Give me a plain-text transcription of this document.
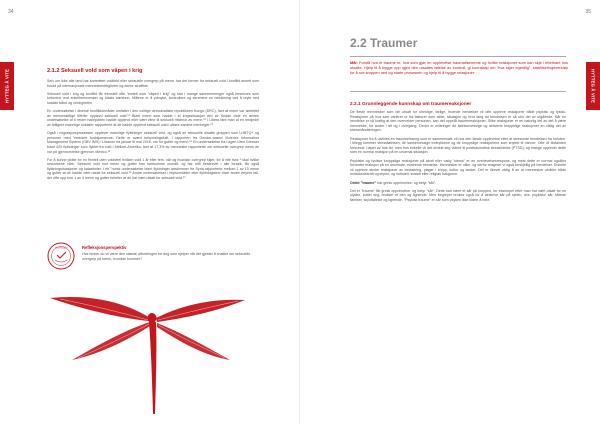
34
HYTTEG Å VITE	2.1.2 Seksuell vold som våpen i krig

Selv om ikke alle land har kommitert voldtekt eller seksuelle overgrep på menn, har det former for seksuell vold i konflikt ansett som brudd på internasjonale menneskerettigheter og dertor straffbar.

Seksuell vold i krig og konflikt får fremdelt ofte ”endelt som ”våpen i krig” og kan i mange sammenhenger også beskrives som torturene mot enkeltmennesket og lokale samfunn. Målene er å ydmyke, kontrollere og skremme en befolkning ved å bryte ned sosiale bånd og verdigheten.

En undersøkelse i diverse konfliktområder omfatter i den colltige demokratiske republikken Kongo (DRC), fant at menn var førrteltet av menneskelige tilfeller opplevd seksuell vold.¹¹ Blant menn som hadde i et krigssituasjon ved av Sudan viste en annen undersøkelse at ti reider haileparten hadde opplevd eller vært vitne til seksuell misbruk av menn.¹² I Libera fant man at en tredjedel av tidligere mannlige soldater rapporterte at de hadde opplevd seksuell vold i utføre samme menheger.¹³

Også i migrasjonsprosessen opplever mannlige flyktninger seksuell vold, og også de seksuelle utsatte gruppen som LHBTQ+ og personer med ”redusert funksjonsevne. Dette er svært bekymringsfullt. I rapporten fra Gender-based Violence Information Management System (GBV IMS) i Libanon fra januar til mai 2016, var for gutter og menn.¹⁴ En undersøkelse fra Legen Uten Grenser blant 429 flyktninger som flyktet fra vold i Mellom-Amerika, fant at 17,3% av menneske rapporterte om seksuelle overgrep mens de var på gjennomreise gjennom Mexico.¹⁵

For å kunne plotte for en finnlell uten voldsfrel hvilken vold 1 år eller fem, når og hvordan overgrep skjer, for å vite hvor ¹ skal hvilke ressursene våre. Seksuell vold mot menn og gutter kan forekomme overalt, og har blitt beskrevet i alle forsøk, får også flyktningsituasjoner og katastrofer. I en ”norsk undersøkelse blant flyktninger anslommer fra Syria rapporterte mellom 1 av 15 menn og gutter at de hadde vært utsatt for seksuell vold.¹⁶ Andre undersøkelser i reipsområder eller flyktningleirer viser andre treyere tall, der ofte opp mot 1 av 4 menn og gutter forteller at de har vært utsatt for seksuell vold.¹⁷

Til refleksjon	Refleksjonsperspektiv
Hva tenker du vil være den største utfordringen for deg som hjelper når det gjelder å snakke om seksuelle overgrep på menn, hvordan kommer?
35
HYTTEG Å VITE
2.2 Traumer
Mål: Forstå hva et traume er, hva som gjør en opplevelse traumatiserende og hvilke reaksjoner som kan skje i etterkant hos utsatte. Hjelp til å bygge opp igjen den utsattes følelse av kontroll, gi kunnskap om ”hva skjer egentlig”, stabiliseringsverktøy for å roe kroppen ned og starte prosessen og hjelp til å bygge relasjoner.
2.2.1 Grunnleggende kunnskap om traumereaksjoner

De fleste mennesker som blir utsatt for uheldige, farlige, truende hendelser vil ofte oppleve reaksjoner både psykisk og fysisk. Reaksjoner på hva som varierer ut fra faktorer som alder, situasjon og hvor lang tid hendelsen er så stor del av utgående. Når en hendelse er så kraftig at den overvelder personen, kan det oppstå traumereaksjoner. Slike reaksjoner er en naturlig del av det å være menneske, for andre i alt og i overgang. Derfor er erfaringer de følelsemessige og aktiverte kroppslige reaksjoner en viktig del av stresshåndteringen.

Reaksjoner fra å utvikles en traumeerfaring som er sammensatt, vil hos den første opplevelse etter at stressede hendelsen fra fortiden. I tillegg kommer stressfølelsen, de sansemessige inntrykkene og de kroppslige reaksjonene som knyttet til minner. Ofte vil tilstanden forsvinne i løpet av noe tid, men hos enkelte vil det utvikle seg videre til posttraumatisk stresslidelse (PTSD), og mange opplever dette som en normal reaksjon på en unormal situasjon.

Psykiske og fysiske kroppslige reaksjoner på akutt eller varig ”stress” er en overlevelsesrespons, og mest dette er normal ogsåfor forventet reaksjon på en unormale, ekstreme hendelse. Mennesker er ulike, og derfor reagerer vi også forskjellig på hendelser. Enkelte vil oppleve sterke reaksjoner av belastning, plager i kropp, kultur og tanker. Det er likevel viktig å se at mennesker utvikler både motstandskraft og styrke, og kulturell, sosialt eller religiøs bakgrunn.

Ordet ”traume” har gresk opprinnelse, og betyr ”sår”.

Det er ”traume” får gresk opprinnelse, og betyr ”sår”. Dette kan være et sår på kroppen, for eksempel etter man har vært utsatt for en ulykke, kuttet seg, brukket et ben og lignende. Men begrepet brukes også for å beskrive sår på sjelen, dvs. psykiske sår, sårede følelser, skyldfølelse og lignende. ”Psykisk traume” er sår som psyken ikke klarer å hele.
